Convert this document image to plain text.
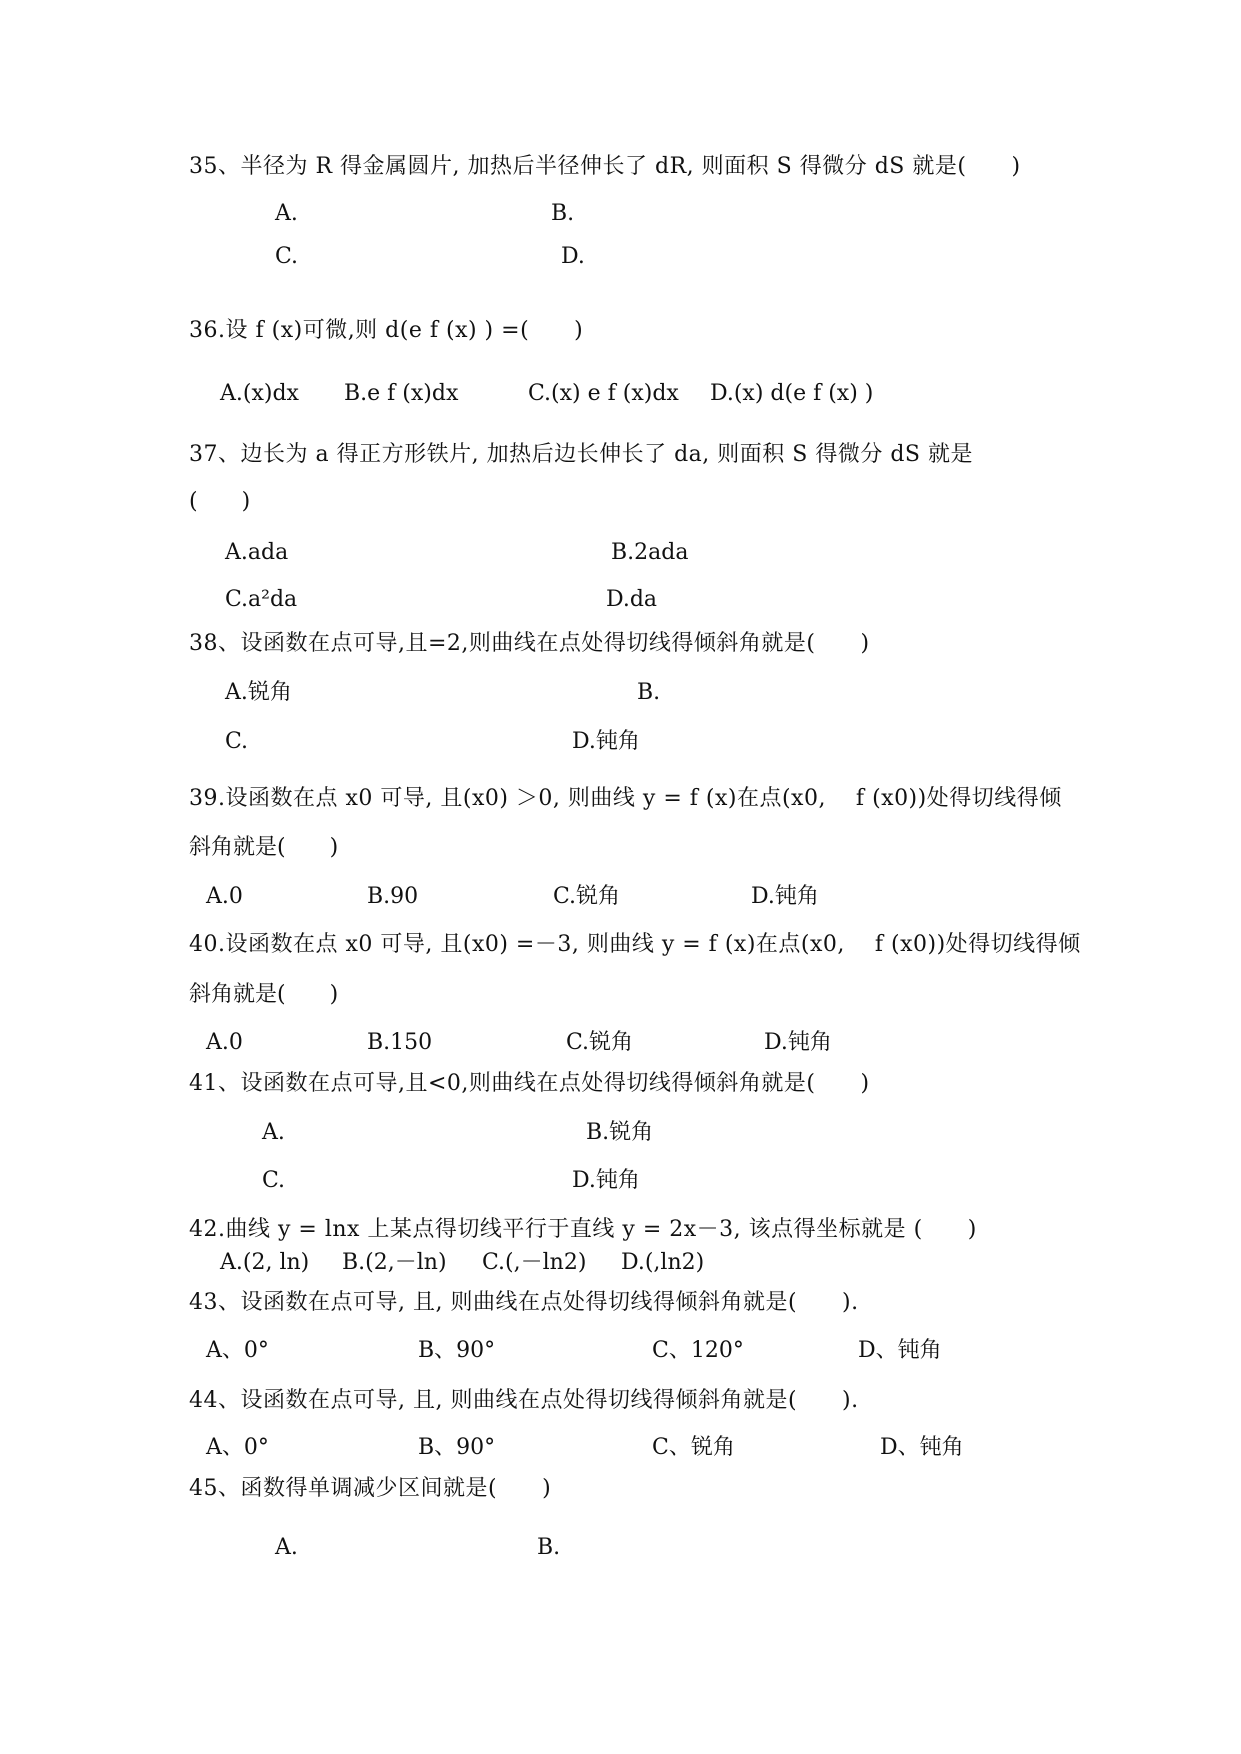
35、半径为 R 得金属圆片, 加热后半径伸长了 dR, 则面积 S 得微分 dS 就是(　　)
A.	B.
C.	D.
36.设 f (x)可微,则 d(e f (x) ) =(　　)
A.(x)dx B.e f (x)dx	C.(x) e f (x)dx D.(x) d(e f (x) )
37、边长为 a 得正方形铁片, 加热后边长伸长了 da, 则面积 S 得微分 dS 就是
(　　)
A.ada	B.2ada
C.a²da	D.da
38、设函数在点可导,且=2,则曲线在点处得切线得倾斜角就是(　　)
A.锐角	B.
C.	D.钝角
39.设函数在点 x0 可导, 且(x0) ＞0, 则曲线 y = f (x)在点(x0, 　f (x0))处得切线得倾
斜角就是(　　)
A.0	B.90	C.锐角	D.钝角
40.设函数在点 x0 可导, 且(x0) =－3, 则曲线 y = f (x)在点(x0, 　f (x0))处得切线得倾
斜角就是(　　)
A.0	B.150	C.锐角	D.钝角
41、设函数在点可导,且<0,则曲线在点处得切线得倾斜角就是(　　)
A.	B.锐角
C.	D.钝角
42.曲线 y = lnx 上某点得切线平行于直线 y = 2x－3, 该点得坐标就是 (　　)
A.(2, ln) B.(2,－ln) C.(,－ln2) D.(,ln2)
43、设函数在点可导, 且, 则曲线在点处得切线得倾斜角就是(　　).
A、0°	B、90°	C、120°	D、钝角
44、设函数在点可导, 且, 则曲线在点处得切线得倾斜角就是(　　).
A、0°	B、90°	C、锐角	D、钝角
45、函数得单调减少区间就是(　　)
A.	B.
